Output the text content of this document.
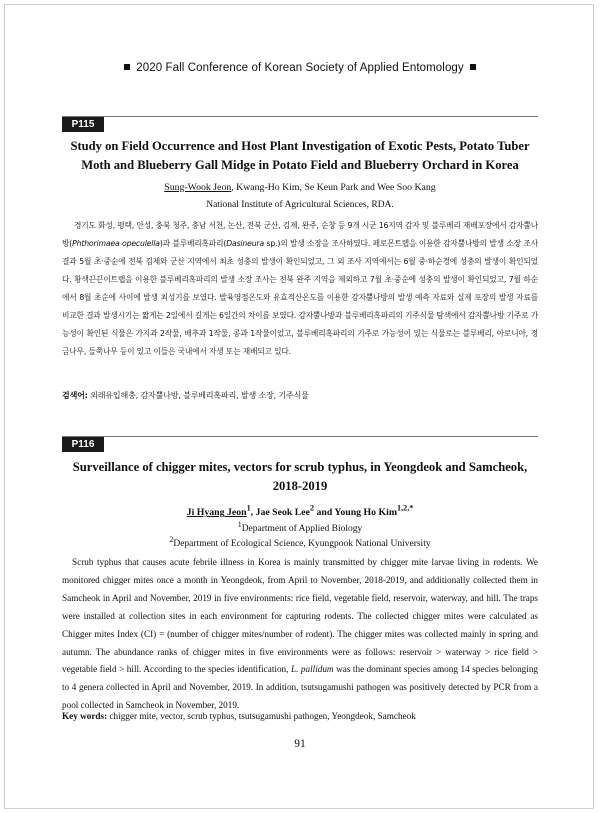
2020 Fall Conference of Korean Society of Applied Entomology
P115
Study on Field Occurrence and Host Plant Investigation of Exotic Pests, Potato Tuber
Moth and Blueberry Gall Midge in Potato Field and Blueberry Orchard in Korea
Sung-Wook Jeon, Kwang-Ho Kim, Se Keun Park and Wee Soo Kang
National Institute of Agricultural Sciences, RDA.
경기도 화성, 평택, 안성, 충북 청주, 충남 서천, 논산, 전북 군산, 김제, 완주, 순창 등 9개 시군 16지역 감자 및 블루베리 재배포장에서 감자뿔나방(Phthorimaea opeculella)과 블루베리혹파리(Dasineura sp.)의 발생 소장을 조사하였다. 페로몬트랩을 이용한 감자뿔나방의 발생 소장 조사 결과 5월 초·중순에 전북 김제와 군산 지역에서 최초 성충의 발생이 확인되었고, 그 외 조사 지역에서는 6월 중·하순경에 성충의 발생이 확인되었다. 황색끈끈이트랩을 이용한 블루베리혹파리의 발생 소장 조사는 전북 완주 지역을 제외하고 7월 초·중순에 성충의 발생이 확인되었고, 7월 하순에서 8월 초순에 사이에 발생 최성기를 보였다. 발육영점온도와 유효적산온도를 이용한 감자뿔나방의 발생 예측 자료와 실제 포장의 발생 자료를 비교한 결과 발생시기는 짧게는 2일에서 길게는 6일간의 차이를 보였다. 감자뿔나방과 블루베리혹파리의 기주식물 탐색에서 감자뿔나방 기주로 가능성이 확인된 식물은 가지과 2작물, 배추과 1작물, 콩과 1작물이었고, 블루베리혹파리의 기주로 가능성이 있는 식물로는 블루베리, 아로니아, 정금나무, 들쭉나무 등이 있고 이들은 국내에서 자생 또는 재배되고 있다.
검색어: 외래유입해충, 감자뿔나방, 블루베리혹파리, 발생 소장, 기주식물
P116
Surveillance of chigger mites, vectors for scrub typhus, in Yeongdeok and Samcheok,
2018-2019
Ji Hyang Jeon$^1$, Jae Seok Lee$^2$ and Young Ho Kim$^{1,2,*}$
$^1$Department of Applied Biology
$^2$Department of Ecological Science, Kyungpook National University
Scrub typhus that causes acute febrile illness in Korea is mainly transmitted by chigger mite larvae living in rodents. We monitored chigger mites once a month in Yeongdeok, from April to November, 2018-2019, and additionally collected them in Samcheok in April and November, 2019 in five environments: rice field, vegetable field, reservoir, waterway, and hill. The traps were installed at collection sites in each environment for capturing rodents. The collected chigger mites were calculated as Chigger mites Index (CI) = (number of chigger mites/number of rodent). The chigger mites was collected mainly in spring and autumn. The abundance ranks of chigger mites in five environments were as follows: reservoir > waterway > rice field > vegetable field > hill. According to the species identification, L. pallidum was the dominant species among 14 species belonging to 4 genera collected in April and November, 2019. In addition, tsutsugamushi pathogen was positively detected by PCR from a pool collected in Samcheok in November, 2019.
Key words: chigger mite, vector, scrub typhus, tsutsugamushi pathogen, Yeongdeok, Samcheok
91
